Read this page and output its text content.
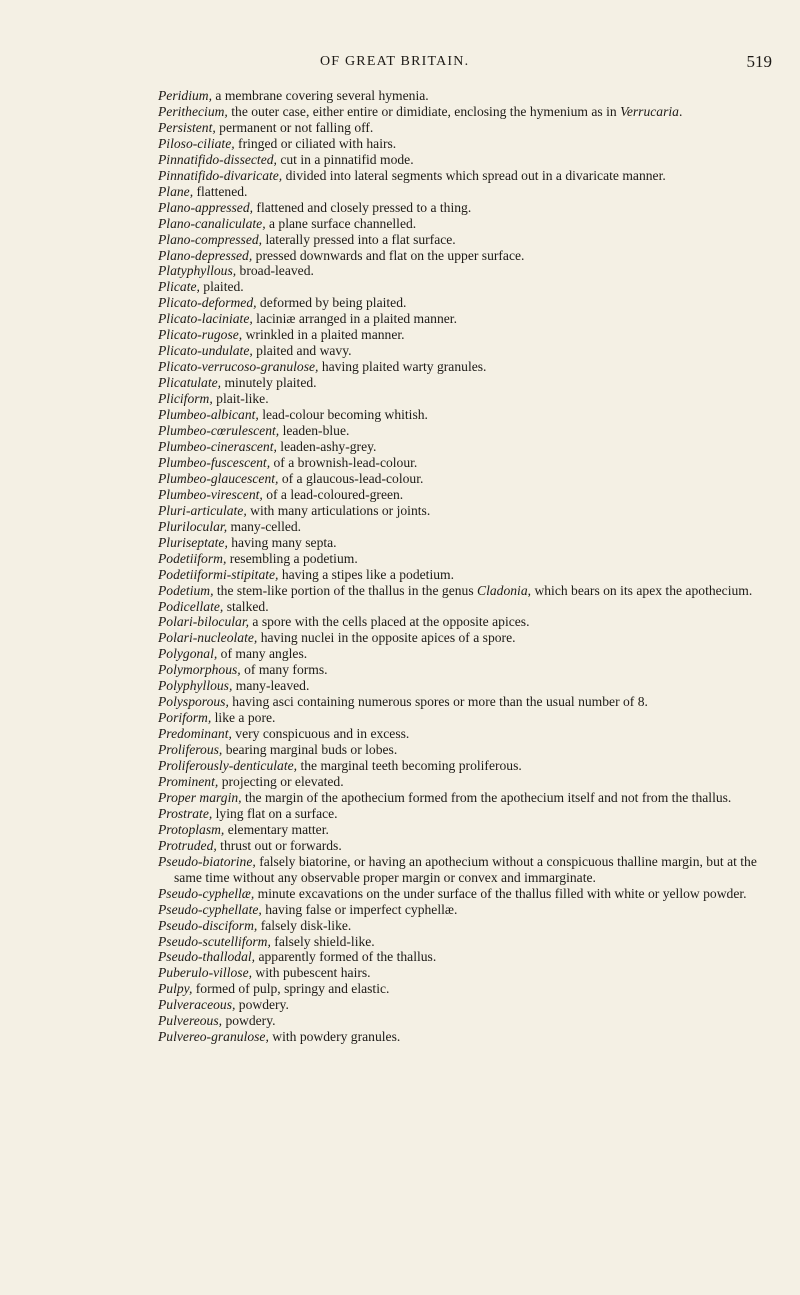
OF GREAT BRITAIN.	519
Peridium, a membrane covering several hymenia.
Perithecium, the outer case, either entire or dimidiate, enclosing the hymenium as in Verrucaria.
Persistent, permanent or not falling off.
Piloso-ciliate, fringed or ciliated with hairs.
Pinnatifido-dissected, cut in a pinnatifid mode.
Pinnatifido-divaricate, divided into lateral segments which spread out in a divaricate manner.
Plane, flattened.
Plano-appressed, flattened and closely pressed to a thing.
Plano-canaliculate, a plane surface channelled.
Plano-compressed, laterally pressed into a flat surface.
Plano-depressed, pressed downwards and flat on the upper surface.
Platyphyllous, broad-leaved.
Plicate, plaited.
Plicato-deformed, deformed by being plaited.
Plicato-laciniate, laciniæ arranged in a plaited manner.
Plicato-rugose, wrinkled in a plaited manner.
Plicato-undulate, plaited and wavy.
Plicato-verrucoso-granulose, having plaited warty granules.
Plicatulate, minutely plaited.
Pliciform, plait-like.
Plumbeo-albicant, lead-colour becoming whitish.
Plumbeo-cœrulescent, leaden-blue.
Plumbeo-cinerascent, leaden-ashy-grey.
Plumbeo-fuscescent, of a brownish-lead-colour.
Plumbeo-glaucescent, of a glaucous-lead-colour.
Plumbeo-virescent, of a lead-coloured-green.
Pluri-articulate, with many articulations or joints.
Plurilocular, many-celled.
Pluriseptate, having many septa.
Podetiiform, resembling a podetium.
Podetiiformi-stipitate, having a stipes like a podetium.
Podetium, the stem-like portion of the thallus in the genus Cladonia, which bears on its apex the apothecium.
Podicellate, stalked.
Polari-bilocular, a spore with the cells placed at the opposite apices.
Polari-nucleolate, having nuclei in the opposite apices of a spore.
Polygonal, of many angles.
Polymorphous, of many forms.
Polyphyllous, many-leaved.
Polysporous, having asci containing numerous spores or more than the usual number of 8.
Poriform, like a pore.
Predominant, very conspicuous and in excess.
Proliferous, bearing marginal buds or lobes.
Proliferously-denticulate, the marginal teeth becoming proliferous.
Prominent, projecting or elevated.
Proper margin, the margin of the apothecium formed from the apothecium itself and not from the thallus.
Prostrate, lying flat on a surface.
Protoplasm, elementary matter.
Protruded, thrust out or forwards.
Pseudo-biatorine, falsely biatorine, or having an apothecium without a conspicuous thalline margin, but at the same time without any observable proper margin or convex and immarginate.
Pseudo-cyphellæ, minute excavations on the under surface of the thallus filled with white or yellow powder.
Pseudo-cyphellate, having false or imperfect cyphellæ.
Pseudo-disciform, falsely disk-like.
Pseudo-scutelliform, falsely shield-like.
Pseudo-thallodal, apparently formed of the thallus.
Puberulo-villose, with pubescent hairs.
Pulpy, formed of pulp, springy and elastic.
Pulveraceous, powdery.
Pulvereous, powdery.
Pulvereo-granulose, with powdery granules.
